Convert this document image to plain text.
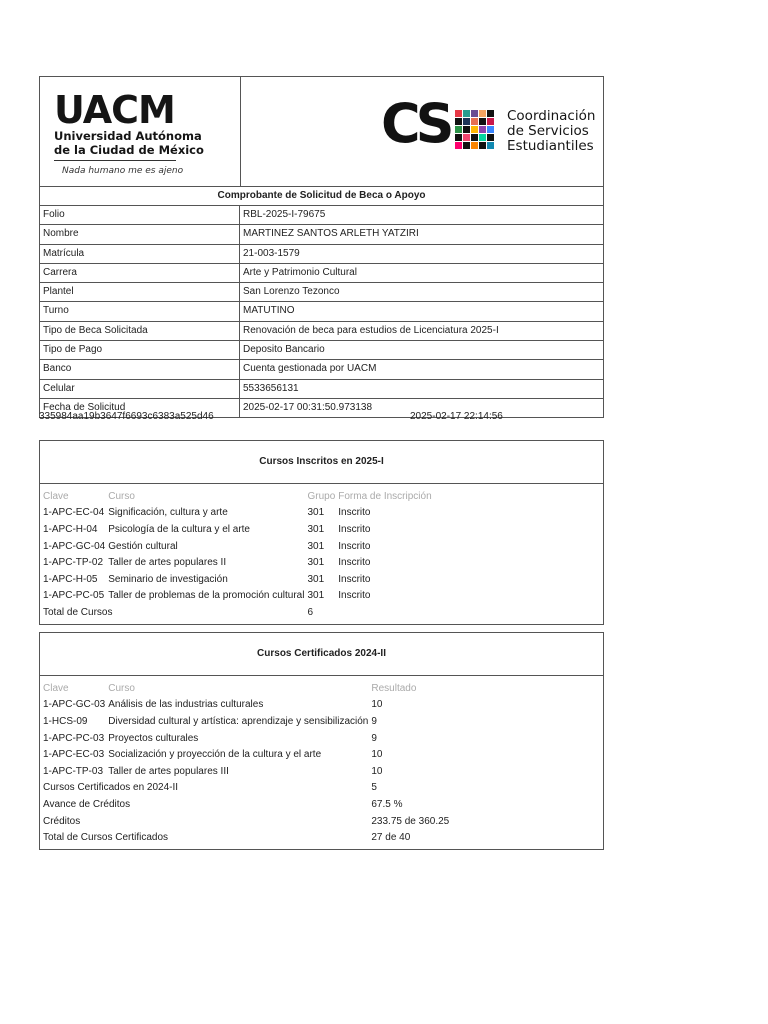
UACM
Universidad Autónoma
de la Ciudad de México
Nada humano me es ajeno
CS	Coordinación
de Servicios
Estudiantiles
Comprobante de Solicitud de Beca o Apoyo
Folio	RBL-2025-I-79675
Nombre	MARTINEZ SANTOS ARLETH YATZIRI
Matrícula	21-003-1579
Carrera	Arte y Patrimonio Cultural
Plantel	San Lorenzo Tezonco
Turno	MATUTINO
Tipo de Beca Solicitada	Renovación de beca para estudios de Licenciatura 2025-I
Tipo de Pago	Deposito Bancario
Banco	Cuenta gestionada por UACM
Celular	5533656131
Fecha de Solicitud	2025-02-17 00:31:50.973138
335984aa19b3647f6693c6383a525d46	2025-02-17 22:14:56
Cursos Inscritos en 2025-I
Clave	Curso	Grupo	Forma de Inscripción
1-APC-EC-04	Significación, cultura y arte	301	Inscrito
1-APC-H-04	Psicología de la cultura y el arte	301	Inscrito
1-APC-GC-04	Gestión cultural	301	Inscrito
1-APC-TP-02	Taller de artes populares II	301	Inscrito
1-APC-H-05	Seminario de investigación	301	Inscrito
1-APC-PC-05	Taller de problemas de la promoción cultural	301	Inscrito
Total de Cursos		6	
Cursos Certificados 2024-II
Clave	Curso	Resultado
1-APC-GC-03	Análisis de las industrias culturales	10
1-HCS-09	Diversidad cultural y artística: aprendizaje y sensibilización	9
1-APC-PC-03	Proyectos culturales	9
1-APC-EC-03	Socialización y proyección de la cultura y el arte	10
1-APC-TP-03	Taller de artes populares III	10
Cursos Certificados en 2024-II		5
Avance de Créditos		67.5 %
Créditos		233.75 de 360.25
Total de Cursos Certificados		27 de 40
